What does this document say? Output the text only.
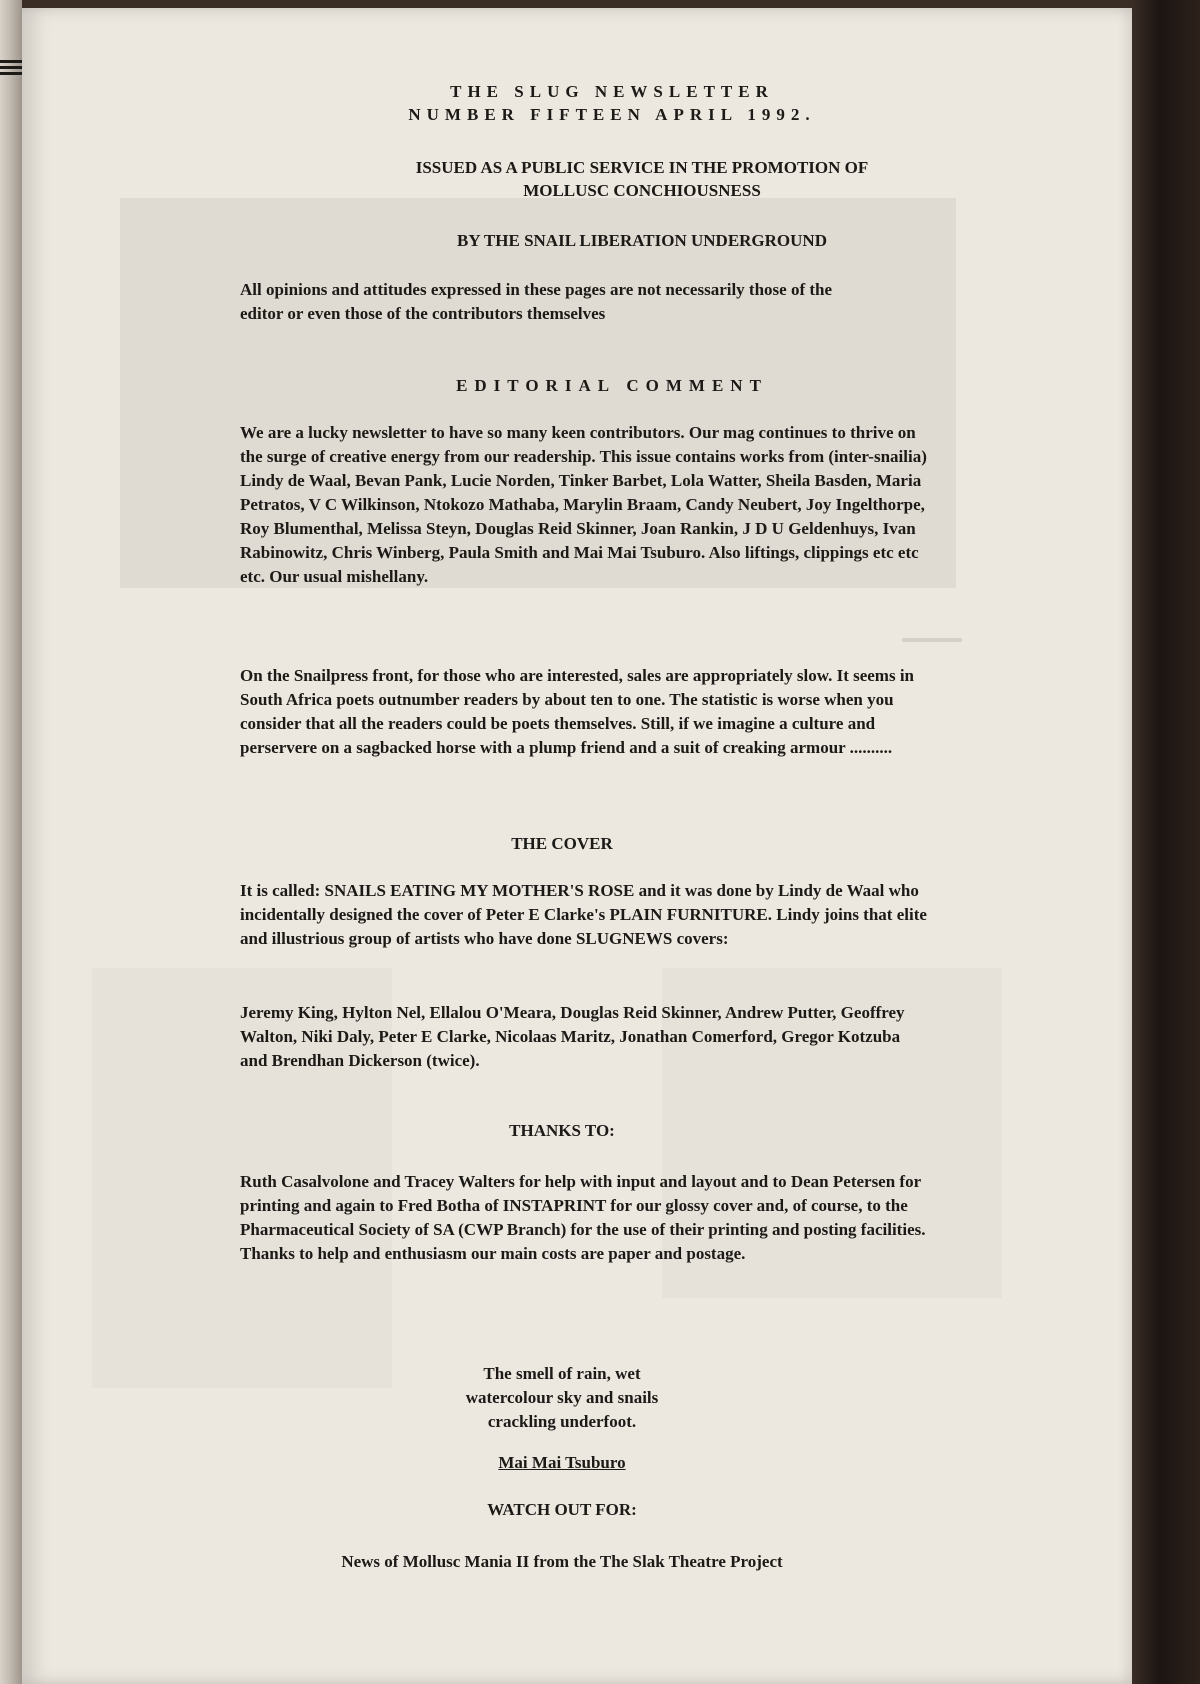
THE SLUG NEWSLETTER
NUMBER FIFTEEN APRIL 1992.
ISSUED AS A PUBLIC SERVICE IN THE PROMOTION OF
MOLLUSC CONCHIOUSNESS
BY THE SNAIL LIBERATION UNDERGROUND

All opinions and attitudes expressed in these pages are not necessarily those of the editor or even those of the contributors themselves

EDITORIAL COMMENT

We are a lucky newsletter to have so many keen contributors. Our mag continues to thrive on the surge of creative energy from our readership. This issue contains works from (inter-snailia) Lindy de Waal, Bevan Pank, Lucie Norden, Tinker Barbet, Lola Watter, Sheila Basden, Maria Petratos, V C Wilkinson, Ntokozo Mathaba, Marylin Braam, Candy Neubert, Joy Ingelthorpe, Roy Blumenthal, Melissa Steyn, Douglas Reid Skinner, Joan Rankin, J D U Geldenhuys, Ivan Rabinowitz, Chris Winberg, Paula Smith and Mai Mai Tsuburo. Also liftings, clippings etc etc etc. Our usual mishellany.

On the Snailpress front, for those who are interested, sales are appropriately slow. It seems in South Africa poets outnumber readers by about ten to one. The statistic is worse when you consider that all the readers could be poets themselves. Still, if we imagine a culture and perservere on a sagbacked horse with a plump friend and a suit of creaking armour ..........

THE COVER

It is called: SNAILS EATING MY MOTHER'S ROSE and it was done by Lindy de Waal who incidentally designed the cover of Peter E Clarke's PLAIN FURNITURE. Lindy joins that elite and illustrious group of artists who have done SLUGNEWS covers:

Jeremy King, Hylton Nel, Ellalou O'Meara, Douglas Reid Skinner, Andrew Putter, Geoffrey Walton, Niki Daly, Peter E Clarke, Nicolaas Maritz, Jonathan Comerford, Gregor Kotzuba and Brendhan Dickerson (twice).

THANKS TO:

Ruth Casalvolone and Tracey Walters for help with input and layout and to Dean Petersen for printing and again to Fred Botha of INSTAPRINT for our glossy cover and, of course, to the Pharmaceutical Society of SA (CWP Branch) for the use of their printing and posting facilities. Thanks to help and enthusiasm our main costs are paper and postage.

The smell of rain, wet
watercolour sky and snails
crackling underfoot.
Mai Mai Tsuburo
WATCH OUT FOR:
News of Mollusc Mania II from the The Slak Theatre Project
